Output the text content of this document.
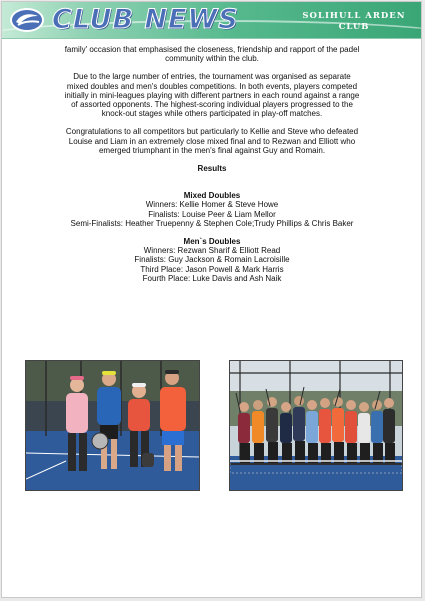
CLUB NEWS	SOLIHULL ARDEN CLUB

family' occasion that emphasised the closeness, friendship and rapport of the padel community within the club.

Due to the large number of entries, the tournament was organised as separate mixed doubles and men's doubles competitions. In both events, players competed initially in mini-leagues playing with different partners in each round against a range of assorted opponents. The highest-scoring individual players progressed to the knock-out stages while others participated in play-off matches.

Congratulations to all competitors but particularly to Kellie and Steve who defeated Louise and Liam in an extremely close mixed final and to Rezwan and Elliott who emerged triumphant in the men's final against Guy and Romain.

Results

Mixed Doubles

Winners: Kellie Homer & Steve Howe

Finalists: Louise Peer & Liam Mellor

Semi-Finalists: Heather Truepenny & Stephen Cole;Trudy Phillips & Chris Baker

Men`s Doubles

Winners: Rezwan Sharif & Elliott Read

Finalists: Guy Jackson & Romain Lacroisille

Third Place: Jason Powell & Mark Harris

Fourth Place: Luke Davis and Ash Naik
